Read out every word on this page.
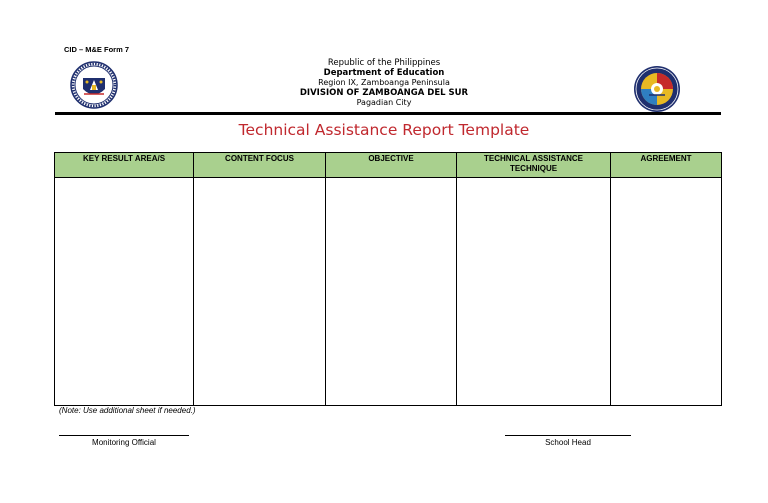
CID – M&E Form 7
Republic of the Philippines
Department of Education
Region IX, Zamboanga Peninsula
DIVISION OF ZAMBOANGA DEL SUR
Pagadian City
Technical Assistance Report Template
KEY RESULT AREA/S	CONTENT FOCUS	OBJECTIVE	TECHNICAL ASSISTANCE TECHNIQUE	AGREEMENT

(Note: Use additional sheet if needed.)
Monitoring Official	School Head
